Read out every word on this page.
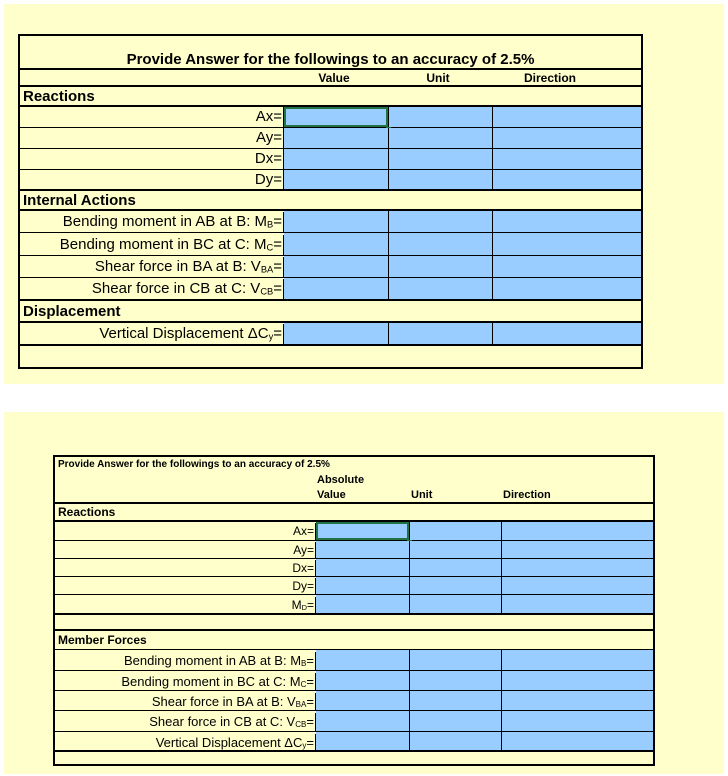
Provide Answer for the followings to an accuracy of 2.5%
Value	Unit	Direction
Reactions
Ax=
Ay=
Dx=
Dy=
Internal Actions
Bending moment in AB at B: $M_B=$
Bending moment in BC at C: $M_C=$
Shear force in BA at B: $V_{BA}=$
Shear force in CB at C: $V_{CB}=$
Displacement
Vertical Displacement $\Delta C_y=$
Provide Answer for the followings to an accuracy of 2.5%
Absolute
Value	Unit	Direction
Reactions
Ax=
Ay=
Dx=
Dy=
$M_D=$
Member Forces
Bending moment in AB at B: $M_B=$
Bending moment in BC at C: $M_C=$
Shear force in BA at B: $V_{BA}=$
Shear force in CB at C: $V_{CB}=$
Vertical Displacement $\Delta C_y=$
